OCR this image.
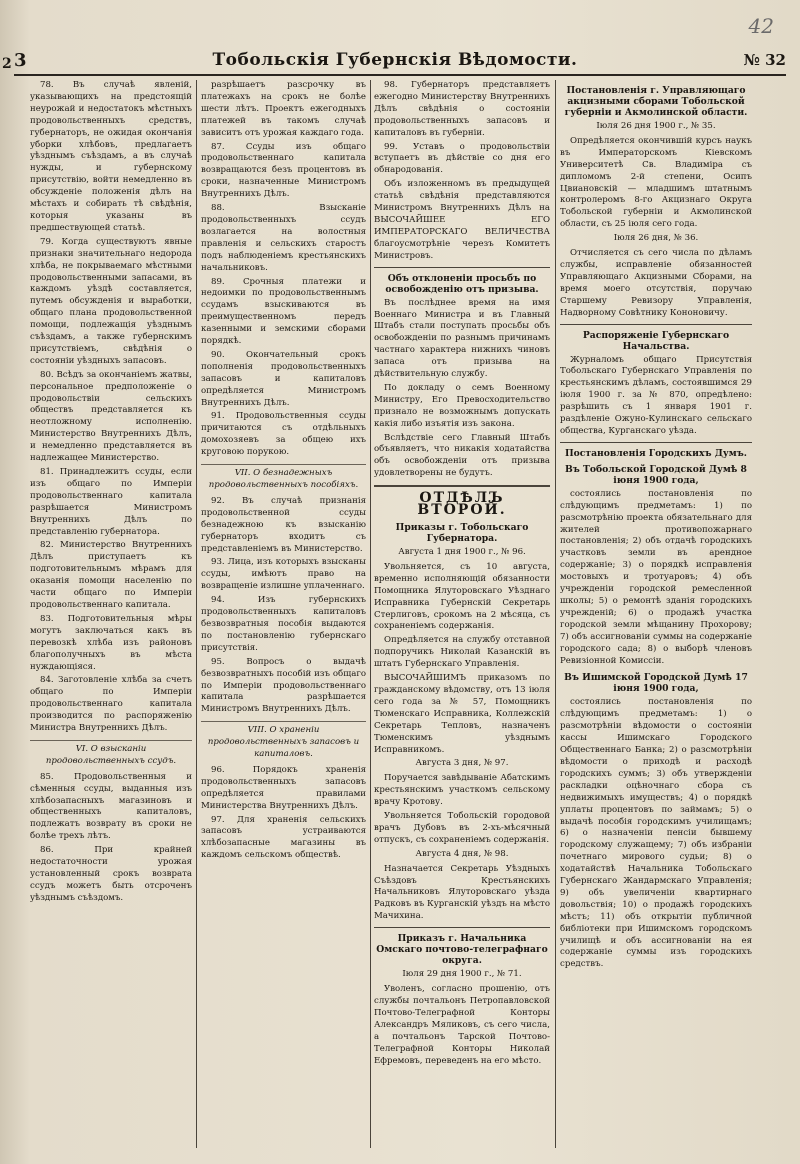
42
2 3	Тобольскія Губернскія Вѣдомости.	№ 32

78. Въ случаѣ явленій, указывающихъ на предстоящій неурожай и недостатокъ мѣстныхъ продовольственныхъ средствъ, губернаторъ, не ожидая окончанія уборки хлѣбовъ, предлагаетъ уѣзднымъ съѣздамъ, а въ случаѣ нужды, и губернскому присутствію, войти немедленно въ обсужденіе положенія дѣлъ на мѣстахъ и собирать тѣ свѣдѣнія, которыя указаны въ предшествующей статьѣ.

79. Когда существуютъ явные признаки значительнаго недорода хлѣба, не покрываемаго мѣстными продовольственными запасами, въ каждомъ уѣздѣ составляется, путемъ обсужденія и выработки, общаго плана продовольственной помощи, подлежащія уѣзднымъ съѣздамъ, а также губернскимъ присутствіемъ, свѣдѣнія о состояніи уѣздныхъ запасовъ.

80. Всѣдъ за окончаніемъ жатвы, персональное предположеніе о продовольствіи сельскихъ обществъ представляется къ неотложному исполненію. Министерство Внутреннихъ Дѣлъ, и немедленно представляется въ надлежащее Министерство.

81. Принадлежитъ ссуды, если изъ общаго по Имперіи продовольственнаго капитала разрѣшается Министромъ Внутреннихъ Дѣлъ по представленію губернатора.

82. Министерство Внутреннихъ Дѣлъ приступаетъ къ подготовительнымъ мѣрамъ для оказанія помощи населенію по части общаго по Имперіи продовольственнаго капитала.

83. Подготовительныя мѣры могутъ заключаться какъ въ перевозкѣ хлѣба изъ районовъ благополучныхъ въ мѣста нуждающіяся.

84. Заготовленіе хлѣба за счетъ общаго по Имперіи продовольственнаго капитала производится по распоряженію Министра Внутреннихъ Дѣлъ.

VI. О взысканіи продовольственныхъ ссудъ.

85. Продовольственныя и сѣменныя ссуды, выданныя изъ хлѣбозапасныхъ магазиновъ и общественныхъ капиталовъ, подлежатъ возврату въ сроки не болѣе трехъ лѣтъ.

86. При крайней недостаточности урожая установленный срокъ возврата ссудъ можетъ быть отсроченъ уѣзднымъ съѣздомъ.

разрѣшаетъ разсрочку въ платежахъ на срокъ не болѣе шести лѣтъ. Проектъ ежегодныхъ платежей въ такомъ случаѣ зависитъ отъ урожая каждаго года.

87. Ссуды изъ общаго продовольственнаго капитала возвращаются безъ процентовъ въ сроки, назначенные Министромъ Внутреннихъ Дѣлъ.

88. Взысканіе продовольственныхъ ссудъ возлагается на волостныя правленія и сельскихъ старостъ подъ наблюденіемъ крестьянскихъ начальниковъ.

89. Срочныя платежи и недоимки по продовольственнымъ ссудамъ взыскиваются въ преимущественномъ передъ казенными и земскими сборами порядкѣ.

90. Окончательный срокъ пополненія продовольственныхъ запасовъ и капиталовъ опредѣляется Министромъ Внутреннихъ Дѣлъ.

91. Продовольственныя ссуды причитаются съ отдѣльныхъ домохозяевъ за общею ихъ круговою порукою.

VII. О безнадежныхъ продовольственныхъ пособіяхъ.

92. Въ случаѣ признанія продовольственной ссуды безнадежною къ взысканію губернаторъ входитъ съ представленіемъ въ Министерство.

93. Лица, изъ которыхъ взысканы ссуды, имѣютъ право на возвращеніе излишне уплаченнаго.

94. Изъ губернскихъ продовольственныхъ капиталовъ безвозвратныя пособія выдаются по постановленію губернскаго присутствія.

95. Вопросъ о выдачѣ безвозвратныхъ пособій изъ общаго по Имперіи продовольственнаго капитала разрѣшается Министромъ Внутреннихъ Дѣлъ.

VIII. О храненіи продовольственныхъ запасовъ и капиталовъ.

96. Порядокъ храненія продовольственныхъ запасовъ опредѣляется правилами Министерства Внутреннихъ Дѣлъ.

97. Для храненія сельскихъ запасовъ устраиваются хлѣбозапасные магазины въ каждомъ сельскомъ обществѣ.

98. Губернаторъ представляетъ ежегодно Министерству Внутреннихъ Дѣлъ свѣдѣнія о состояніи продовольственныхъ запасовъ и капиталовъ въ губерніи.

99. Уставъ о продовольствіи вступаетъ въ дѣйствіе со дня его обнародованія.

Объ изложенномъ въ предыдущей статьѣ свѣдѣнія представляются Министромъ Внутреннихъ Дѣлъ на ВЫСОЧАЙШЕЕ ЕГО ИМПЕРАТОРСКАГО ВЕЛИЧЕСТВА благоусмотрѣніе черезъ Комитетъ Министровъ.

Объ отклоненіи просьбъ по освобожденію отъ призыва.

Въ послѣднее время на имя Военнаго Министра и въ Главный Штабъ стали поступать просьбы объ освобожденіи по разнымъ причинамъ частнаго характера нижнихъ чиновъ запаса отъ призыва на дѣйствительную службу.

По докладу о семъ Военному Министру, Его Превосходительство признало не возможнымъ допускать какія либо изъятія изъ закона.

Вслѣдствіе сего Главный Штабъ объявляетъ, что никакія ходатайства объ освобожденіи отъ призыва удовлетворены не будутъ.

ОТДѢЛЪ ВТОРОЙ.
Приказы г. Тобольскаго Губернатора.
Августа 1 дня 1900 г., № 96.

Увольняется, съ 10 августа, временно исполняющій обязанности Помощника Ялуторовскаго Уѣзднаго Исправника Губернскій Секретарь Стерлиговъ, срокомъ на 2 мѣсяца, съ сохраненіемъ содержанія.

Опредѣляется на службу отставной подпоручикъ Николай Казанскій въ штатъ Губернскаго Управленія.

ВЫСОЧАЙШИМЪ приказомъ по гражданскому вѣдомству, отъ 13 іюля сего года за № 57, Помощникъ Тюменскаго Исправника, Коллежскій Секретарь Тепловъ, назначенъ Тюменскимъ уѣзднымъ Исправникомъ.

Августа 3 дня, № 97.

Поручается завѣдываніе Абатскимъ крестьянскимъ участкомъ сельскому врачу Кротову.

Увольняется Тобольскій городовой врачъ Дубовъ въ 2-хъ-мѣсячный отпускъ, съ сохраненіемъ содержанія.

Августа 4 дня, № 98.

Назначается Секретарь Уѣздныхъ Съѣздовъ Крестьянскихъ Начальниковъ Ялуторовскаго уѣзда Радковъ въ Курганскій уѣздъ на мѣсто Мачихина.

Приказъ г. Начальника Омскаго почтово-телеграфнаго округа.
Іюля 29 дня 1900 г., № 71.

Уволенъ, согласно прошенію, отъ службы почтальонъ Петропавловской Почтово-Телеграфной Конторы Александръ Мяликовъ, съ сего числа, а почтальонъ Тарской Почтово-Телеграфной Конторы Николай Ефремовъ, переведенъ на его мѣсто.

Постановленія г. Управляющаго акцизными сборами Тобольской губерніи и Акмолинской области.
Іюля 26 дня 1900 г., № 35.

Опредѣляется окончившій курсъ наукъ въ Императорскомъ Кіевскомъ Университетѣ Св. Владиміра съ дипломомъ 2-й степени, Осипъ Цвиановскій — младшимъ штатнымъ контролеромъ 8-го Акцизнаго Округа Тобольской губерніи и Акмолинской области, съ 25 іюля сего года.

Іюля 26 дня, № 36.

Отчисляется съ сего числа по дѣламъ службы, исправленіе обязанностей Управляющаго Акцизными Сборами, на время моего отсутствія, поручаю Старшему Ревизору Управленія, Надворному Совѣтнику Кононовичу.

Распоряженіе Губернскаго Начальства.

Журналомъ общаго Присутствія Тобольскаго Губернскаго Управленія по крестьянскимъ дѣламъ, состоявшимся 29 іюля 1900 г. за № 870, опредѣлено: разрѣшить съ 1 января 1901 г. раздѣленіе Ожуно-Кулинскаго сельскаго общества, Курганскаго уѣзда.

Постановленія Городскихъ Думъ.
Въ Тобольской Городской Думѣ 8 іюня 1900 года,

состоялись постановленія по слѣдующимъ предметамъ: 1) по разсмотрѣнію проекта обязательнаго для жителей противопожарнаго постановленія; 2) объ отдачѣ городскихъ участковъ земли въ арендное содержаніе; 3) о порядкѣ исправленія мостовыхъ и тротуаровъ; 4) объ учрежденіи городской ремесленной школы; 5) о ремонтѣ зданія городскихъ учрежденій; 6) о продажѣ участка городской земли мѣщанину Прохорову; 7) объ ассигнованіи суммы на содержаніе городского сада; 8) о выборѣ членовъ Ревизіонной Комиссіи.

Въ Ишимской Городской Думѣ 17 іюня 1900 года,

состоялись постановленія по слѣдующимъ предметамъ: 1) о разсмотрѣніи вѣдомости о состояніи кассы Ишимскаго Городского Общественнаго Банка; 2) о разсмотрѣніи вѣдомости о приходѣ и расходѣ городскихъ суммъ; 3) объ утвержденіи раскладки оцѣночнаго сбора съ недвижимыхъ имуществъ; 4) о порядкѣ уплаты процентовъ по займамъ; 5) о выдачѣ пособія городскимъ училищамъ; 6) о назначеніи пенсіи бывшему городскому служащему; 7) объ избраніи почетнаго мирового судьи; 8) о ходатайствѣ Начальника Тобольскаго Губернскаго Жандармскаго Управленія; 9) объ увеличеніи квартирнаго довольствія; 10) о продажѣ городскихъ мѣстъ; 11) объ открытіи публичной библіотеки при Ишимскомъ городскомъ училищѣ и объ ассигнованіи на ея содержаніе суммы изъ городскихъ средствъ.
